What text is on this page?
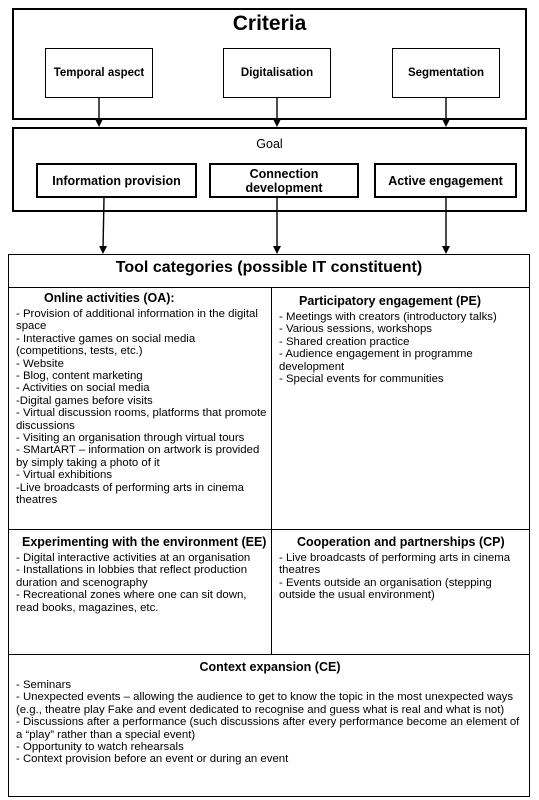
Criteria
Temporal aspect	Digitalisation	Segmentation
Goal
Information provision	Connection development	Active engagement
Tool categories (possible IT constituent)
Online activities (OA):
- Provision of additional information in the digital space
- Interactive games on social media (competitions, tests, etc.)
- Website
- Blog, content marketing
- Activities on social media
-Digital games before visits
- Virtual discussion rooms, platforms that promote discussions
- Visiting an organisation through virtual tours
- SMartART – information on artwork is provided by simply taking a photo of it
- Virtual exhibitions
-Live broadcasts of performing arts in cinema theatres
Participatory engagement (PE)
- Meetings with creators (introductory talks)
- Various sessions, workshops
- Shared creation practice
- Audience engagement in programme development
- Special events for communities
Experimenting with the environment (EE)
- Digital interactive activities at an organisation
- Installations in lobbies that reflect production duration and scenography
- Recreational zones where one can sit down, read books, magazines, etc.
Cooperation and partnerships (CP)
- Live broadcasts of performing arts in cinema theatres
- Events outside an organisation (stepping outside the usual environment)
Context expansion (CE)
- Seminars
- Unexpected events – allowing the audience to get to know the topic in the most unexpected ways (e.g., theatre play Fake and event dedicated to recognise and guess what is real and what is not)
- Discussions after a performance (such discussions after every performance become an element of a “play” rather than a special event)
- Opportunity to watch rehearsals
- Context provision before an event or during an event
